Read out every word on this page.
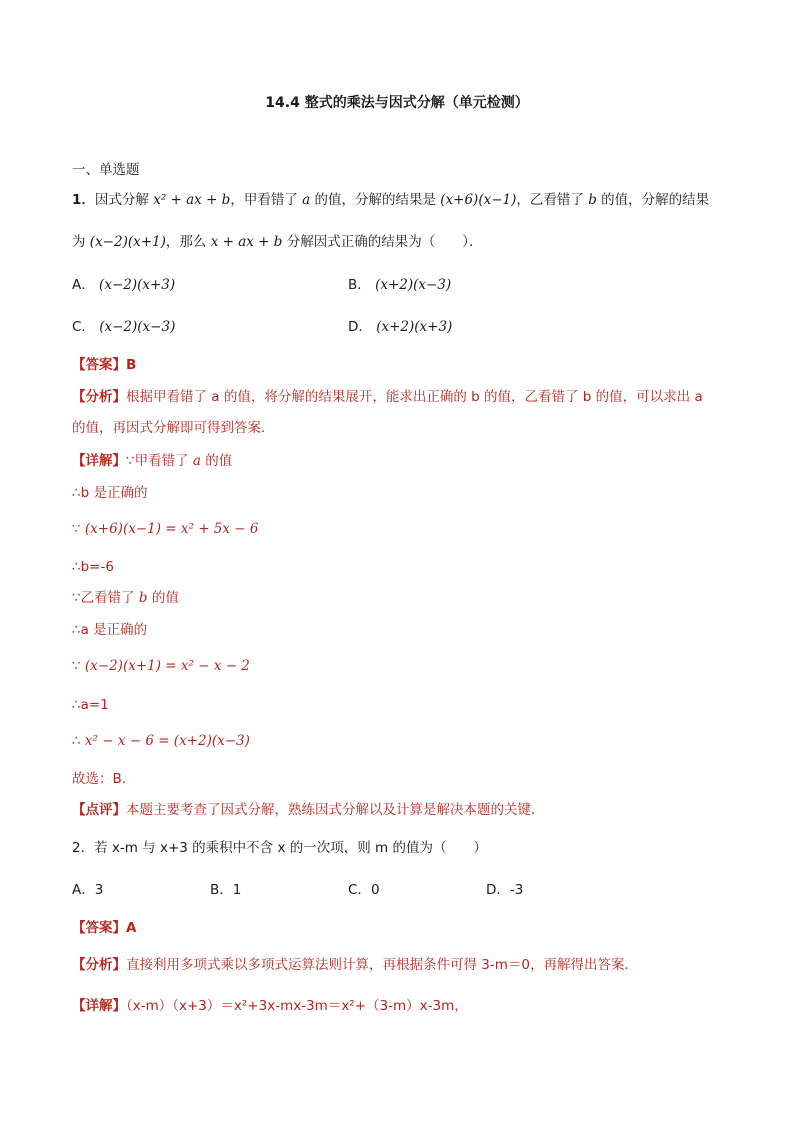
14.4 整式的乘法与因式分解（单元检测）
一、单选题
1．因式分解 x² + ax + b，甲看错了 a 的值，分解的结果是 (x+6)(x−1)，乙看错了 b 的值，分解的结果
为 (x−2)(x+1)，那么 x + ax + b 分解因式正确的结果为（　　）．
A． (x−2)(x+3)	B． (x+2)(x−3)
C． (x−2)(x−3)	D． (x+2)(x+3)
【答案】B
【分析】根据甲看错了 a 的值，将分解的结果展开，能求出正确的 b 的值，乙看错了 b 的值，可以求出 a
的值，再因式分解即可得到答案．
【详解】∵甲看错了 a 的值
∴b 是正确的
∵ (x+6)(x−1) = x² + 5x − 6
∴b=-6
∵乙看错了 b 的值
∴a 是正确的
∵ (x−2)(x+1) = x² − x − 2
∴a=1
∴ x² − x − 6 = (x+2)(x−3)
故选：B．
【点评】本题主要考查了因式分解，熟练因式分解以及计算是解决本题的关键．
2．若 x-m 与 x+3 的乘积中不含 x 的一次项，则 m 的值为（　　）
A．3	B．1	C．0	D．-3
【答案】A
【分析】直接利用多项式乘以多项式运算法则计算，再根据条件可得 3-m＝0，再解得出答案．
【详解】（x-m）（x+3）＝x²+3x-mx-3m＝x²+（3-m）x-3m，
